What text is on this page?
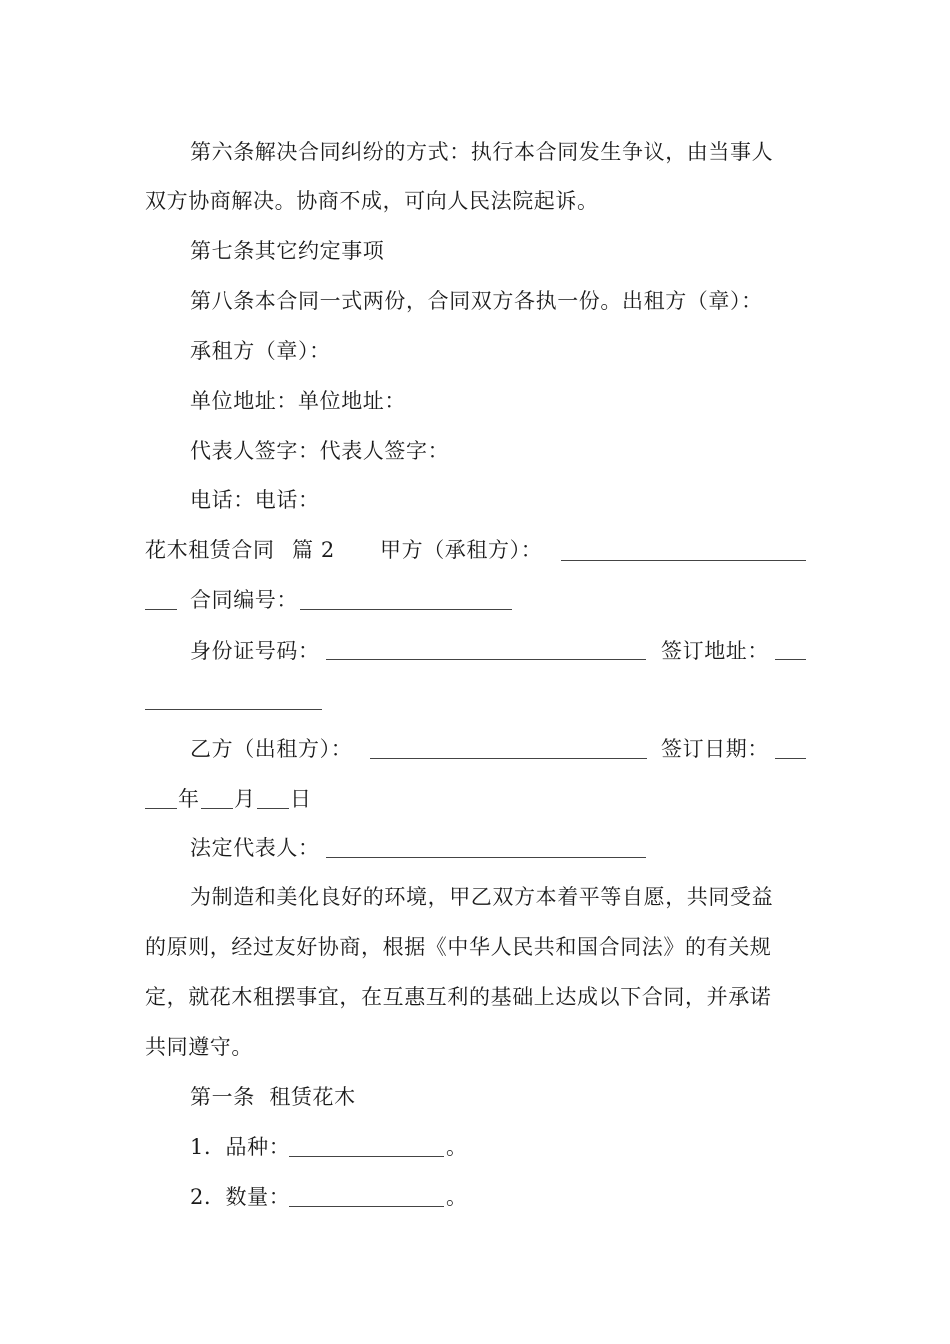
第六条解决合同纠纷的方式：执行本合同发生争议，由当事人
双方协商解决。协商不成，可向人民法院起诉。
第七条其它约定事项
第八条本合同一式两份，合同双方各执一份。出租方（章）：
承租方（章）：
单位地址：单位地址：
代表人签字：代表人签字：
电话：电话：
花木租赁合同 篇 2 甲方（承租方）：
合同编号：
身份证号码：	签订地址：
乙方（出租方）：	签订日期：
年 月 日
法定代表人：
为制造和美化良好的环境，甲乙双方本着平等自愿，共同受益
的原则，经过友好协商，根据《中华人民共和国合同法》的有关规
定，就花木租摆事宜，在互惠互利的基础上达成以下合同，并承诺
共同遵守。
第一条  租赁花木
1．品种：	。
2．数量：	。
